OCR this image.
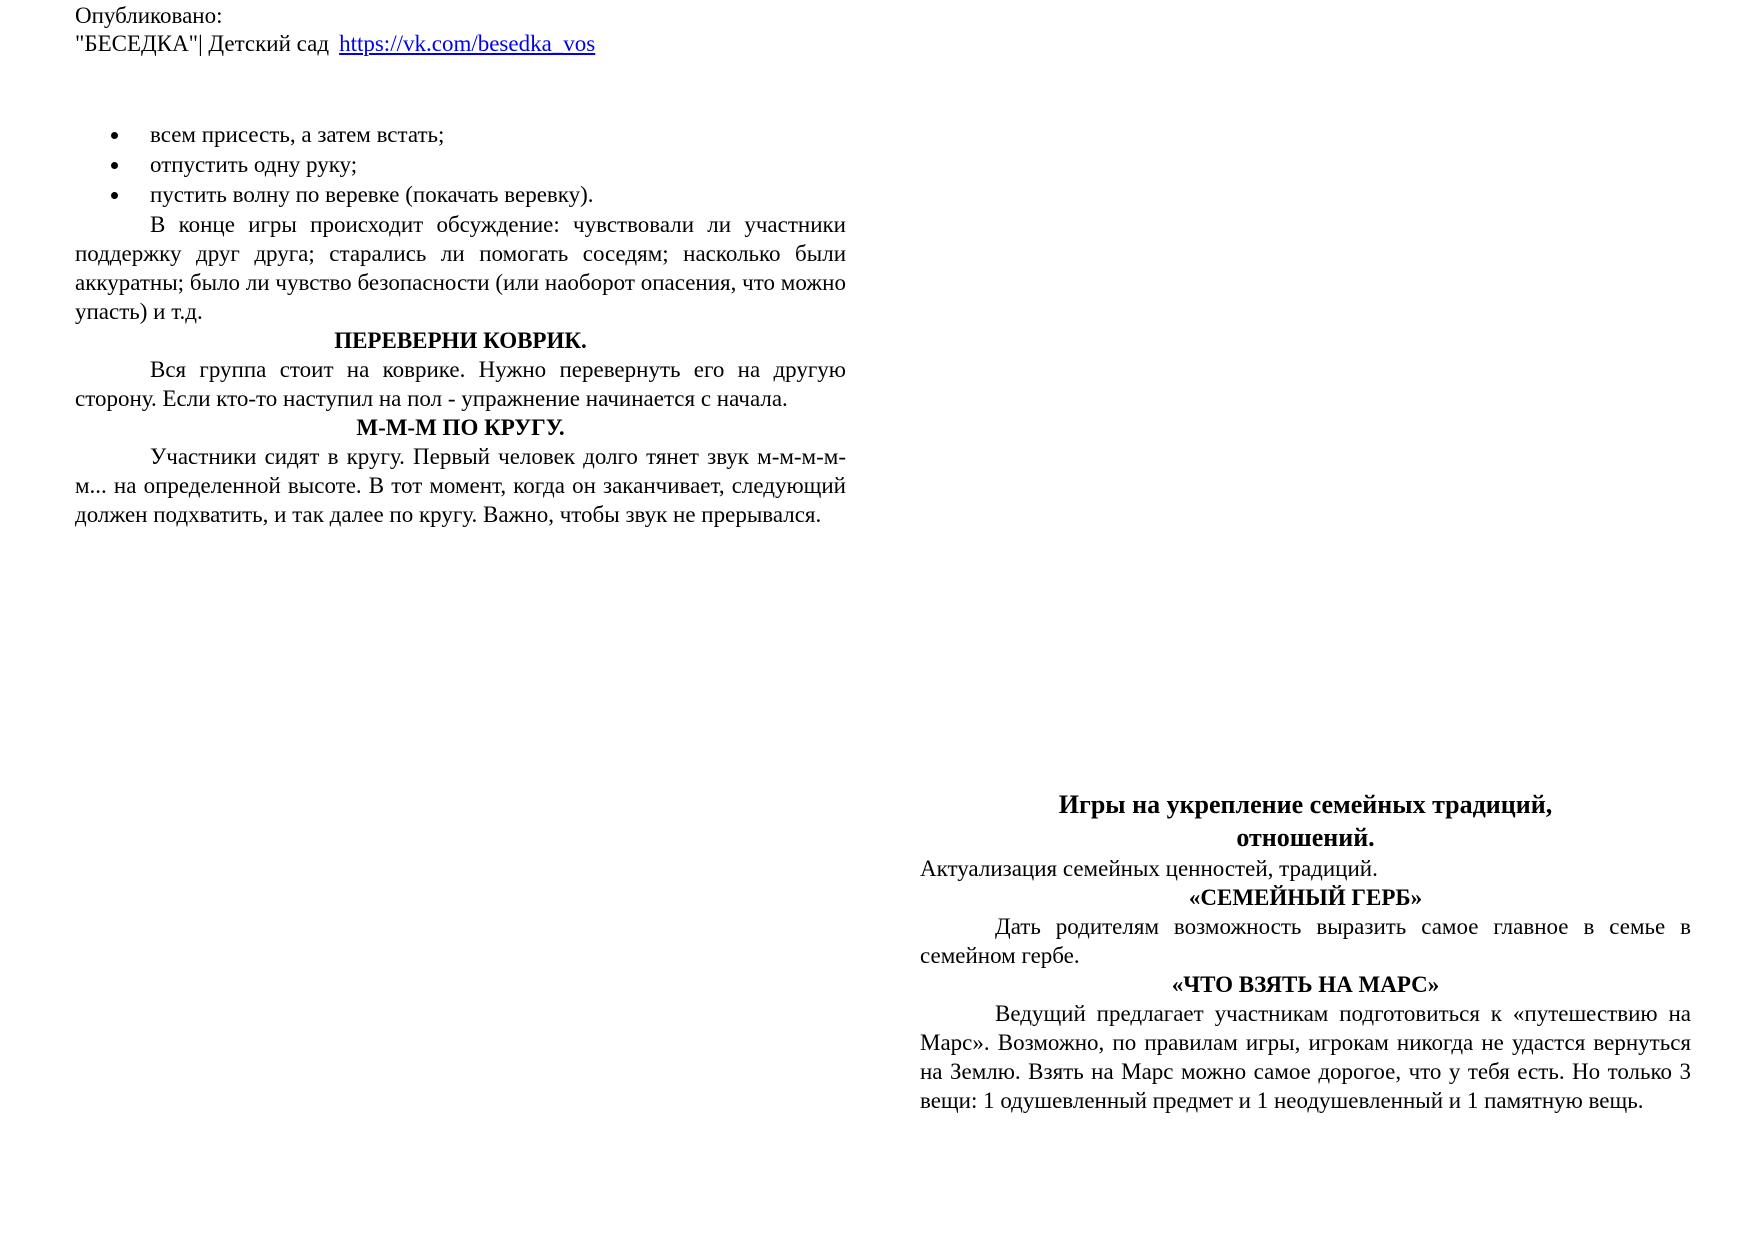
Опубликовано:
"БЕСЕДКА"| Детский сад https://vk.com/besedka_vos
всем присесть, а затем встать;
отпустить одну руку;
пустить волну по веревке (покачать веревку).

В конце игры происходит обсуждение: чувствовали ли участники поддержку друг друга; старались ли помогать соседям; насколько были аккуратны; было ли чувство безопасности (или наоборот опасения, что можно упасть) и т.д.

ПЕРЕВЕРНИ КОВРИК.

Вся группа стоит на коврике. Нужно перевернуть его на другую сторону. Если кто-то наступил на пол - упражнение начинается с начала.

М-М-М ПО КРУГУ.

Участники сидят в кругу. Первый человек долго тянет звук м-м-м-м-м... на определенной высоте. В тот момент, когда он заканчивает, следующий должен подхватить, и так далее по кругу. Важно, чтобы звук не прерывался.

Игры на укрепление семейных традиций,
отношений.

Актуализация семейных ценностей, традиций.

«СЕМЕЙНЫЙ ГЕРБ»

Дать родителям возможность выразить самое главное в семье в семейном гербе.

«ЧТО ВЗЯТЬ НА МАРС»

Ведущий предлагает участникам подготовиться к «путешествию на Марс». Возможно, по правилам игры, игрокам никогда не удастся вернуться на Землю. Взять на Марс можно самое дорогое, что у тебя есть. Но только 3 вещи: 1 одушевленный предмет и 1 неодушевленный и 1 памятную вещь.
